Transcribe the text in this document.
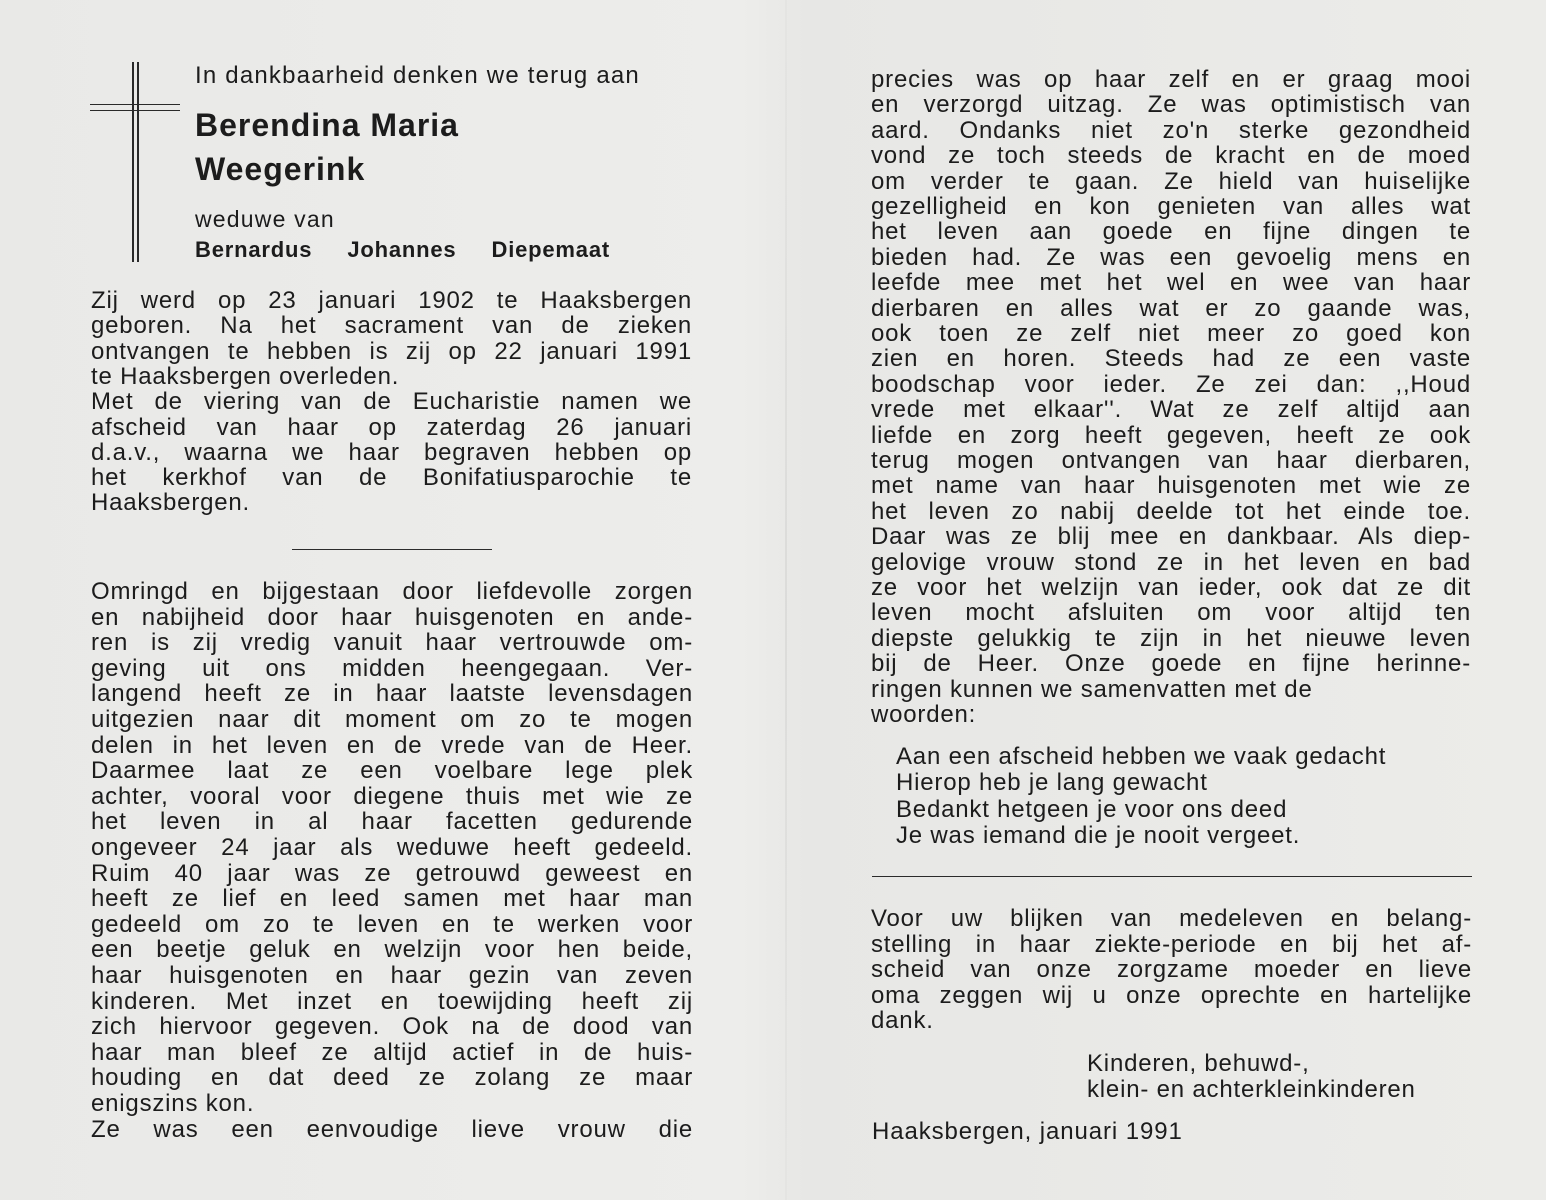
In dankbaarheid denken we terug aan
Berendina Maria
Weegerink
weduwe van
Bernardus Johannes Diepemaat
Zij werd op 23 januari 1902 te Haaksbergen
geboren. Na het sacrament van de zieken
ontvangen te hebben is zij op 22 januari 1991
te Haaksbergen overleden.
Met de viering van de Eucharistie namen we
afscheid van haar op zaterdag 26 januari
d.a.v., waarna we haar begraven hebben op
het kerkhof van de Bonifatiusparochie te
Haaksbergen.
Omringd en bijgestaan door liefdevolle zorgen
en nabijheid door haar huisgenoten en ande-
ren is zij vredig vanuit haar vertrouwde om-
geving uit ons midden heengegaan. Ver-
langend heeft ze in haar laatste levensdagen
uitgezien naar dit moment om zo te mogen
delen in het leven en de vrede van de Heer.
Daarmee laat ze een voelbare lege plek
achter, vooral voor diegene thuis met wie ze
het leven in al haar facetten gedurende
ongeveer 24 jaar als weduwe heeft gedeeld.
Ruim 40 jaar was ze getrouwd geweest en
heeft ze lief en leed samen met haar man
gedeeld om zo te leven en te werken voor
een beetje geluk en welzijn voor hen beide,
haar huisgenoten en haar gezin van zeven
kinderen. Met inzet en toewijding heeft zij
zich hiervoor gegeven. Ook na de dood van
haar man bleef ze altijd actief in de huis-
houding en dat deed ze zolang ze maar
enigszins kon.
Ze was een eenvoudige lieve vrouw die
precies was op haar zelf en er graag mooi
en verzorgd uitzag. Ze was optimistisch van
aard. Ondanks niet zo'n sterke gezondheid
vond ze toch steeds de kracht en de moed
om verder te gaan. Ze hield van huiselijke
gezelligheid en kon genieten van alles wat
het leven aan goede en fijne dingen te
bieden had. Ze was een gevoelig mens en
leefde mee met het wel en wee van haar
dierbaren en alles wat er zo gaande was,
ook toen ze zelf niet meer zo goed kon
zien en horen. Steeds had ze een vaste
boodschap voor ieder. Ze zei dan: ,,Houd
vrede met elkaar''. Wat ze zelf altijd aan
liefde en zorg heeft gegeven, heeft ze ook
terug mogen ontvangen van haar dierbaren,
met name van haar huisgenoten met wie ze
het leven zo nabij deelde tot het einde toe.
Daar was ze blij mee en dankbaar. Als diep-
gelovige vrouw stond ze in het leven en bad
ze voor het welzijn van ieder, ook dat ze dit
leven mocht afsluiten om voor altijd ten
diepste gelukkig te zijn in het nieuwe leven
bij de Heer. Onze goede en fijne herinne-
ringen kunnen we samenvatten met de
woorden:
Aan een afscheid hebben we vaak gedacht
Hierop heb je lang gewacht
Bedankt hetgeen je voor ons deed
Je was iemand die je nooit vergeet.
Voor uw blijken van medeleven en belang-
stelling in haar ziekte-periode en bij het af-
scheid van onze zorgzame moeder en lieve
oma zeggen wij u onze oprechte en hartelijke
dank.
Kinderen, behuwd-,
klein- en achterkleinkinderen
Haaksbergen, januari 1991
